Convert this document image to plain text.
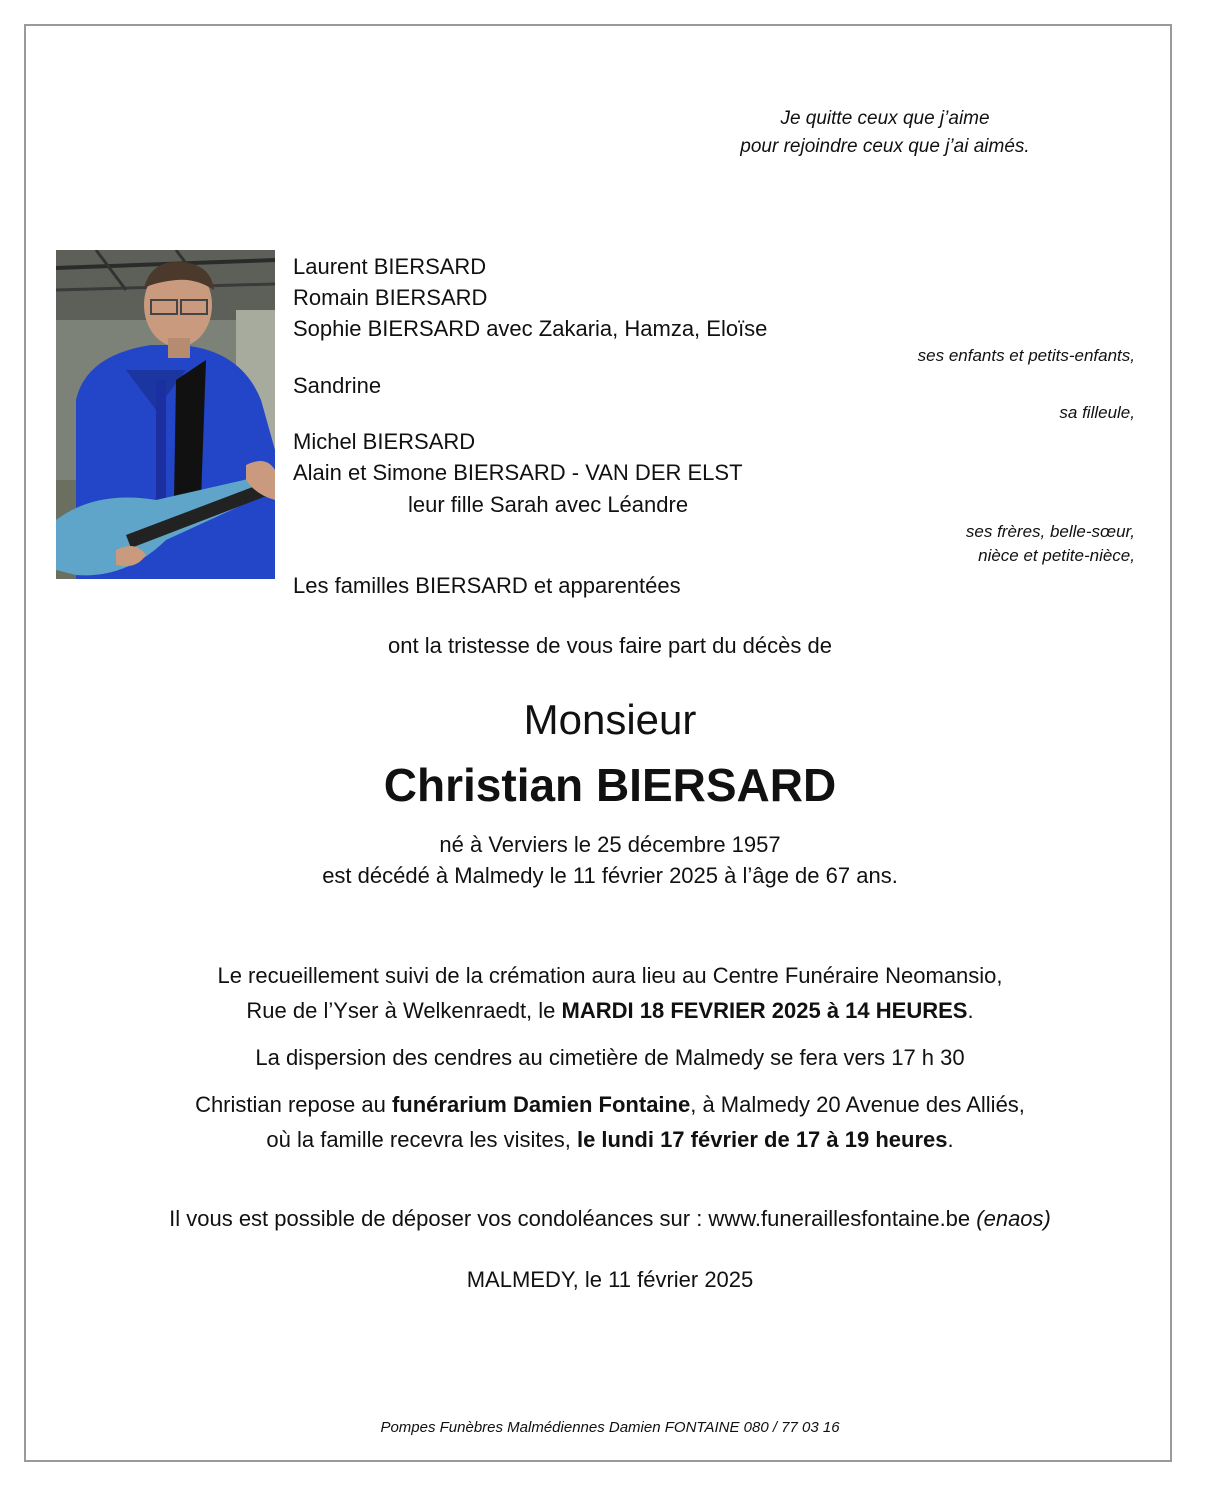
Je quitte ceux que j’aime
pour rejoindre ceux que j’ai aimés.
Laurent BIERSARD
Romain BIERSARD
Sophie BIERSARD avec Zakaria, Hamza, Eloïse
ses enfants et petits-enfants,
Sandrine
sa filleule,
Michel BIERSARD
Alain et Simone BIERSARD - VAN DER ELST
leur fille Sarah avec Léandre
ses frères, belle-sœur,
nièce et petite-nièce,
Les familles BIERSARD et apparentées
ont la tristesse de vous faire part du décès de
Monsieur
Christian BIERSARD
né à Verviers le 25 décembre 1957
est décédé à Malmedy le 11 février 2025 à l’âge de 67 ans.
Le recueillement suivi de la crémation aura lieu au Centre Funéraire Neomansio,
Rue de l’Yser à Welkenraedt, le MARDI 18 FEVRIER 2025 à 14 HEURES.
La dispersion des cendres au cimetière de Malmedy se fera vers 17 h 30
Christian repose au funérarium Damien Fontaine, à Malmedy 20 Avenue des Alliés,
où la famille recevra les visites, le lundi 17 février de 17 à 19 heures.
Il vous est possible de déposer vos condoléances sur : www.funeraillesfontaine.be (enaos)
MALMEDY, le 11 février 2025
Pompes Funèbres Malmédiennes Damien FONTAINE 080 / 77 03 16
